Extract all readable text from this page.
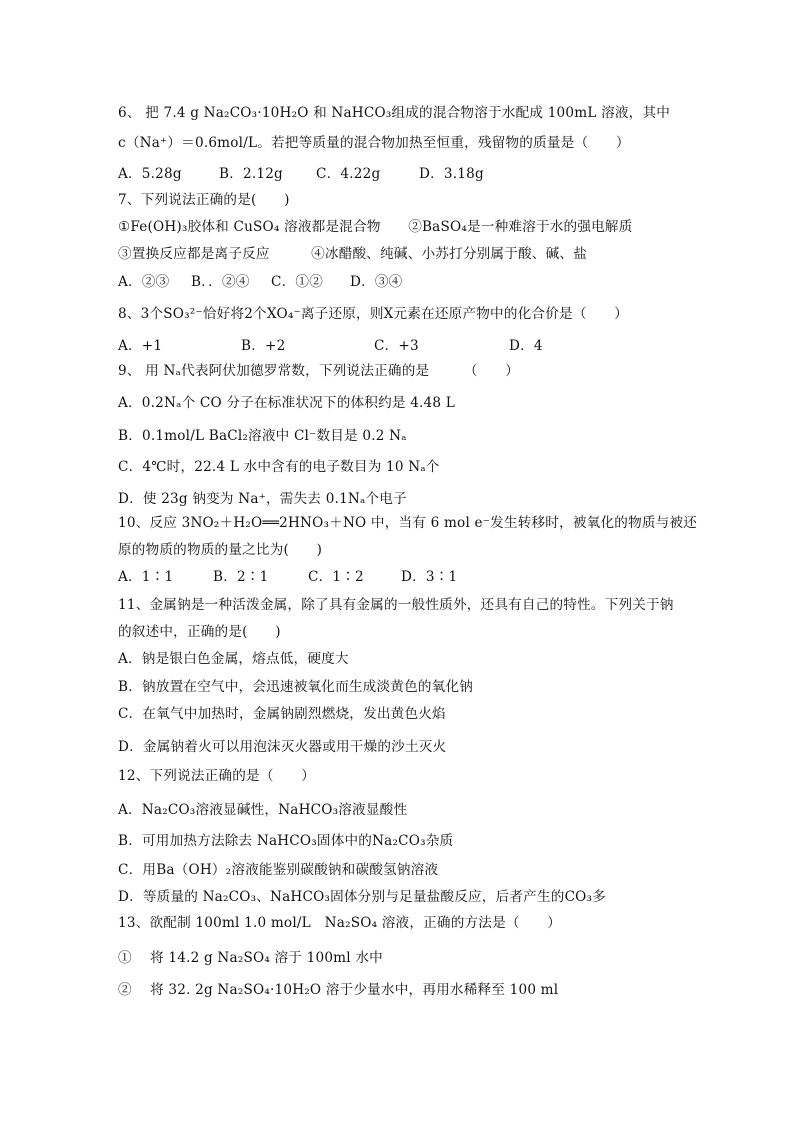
6、 把 7.4 g Na₂CO₃·10H₂O 和 NaHCO₃组成的混合物溶于水配成 100mL 溶液，其中
c（Na⁺）＝0.6mol/L。若把等质量的混合物加热至恒重，残留物的质量是（　　）
A．5.28g	B．2.12g C．4.22g	D．3.18g
7、下列说法正确的是(　　)
①Fe(OH)₃胶体和 CuSO₄ 溶液都是混合物　　②BaSO₄是一种难溶于水的强电解质
③置换反应都是离子反应　　　④冰醋酸、纯碱、小苏打分别属于酸、碱、盐
A．②③ B．．②④ C．①② D．③④
8、3个SO₃²⁻恰好将2个XO₄⁻离子还原，则X元素在还原产物中的化合价是（　　）
A．+1	B．+2	C．+3	D．4
9、 用 Nₐ代表阿伏加德罗常数，下列说法正确的是　　　（　　）
A．0.2Nₐ个 CO 分子在标准状况下的体积约是 4.48 L
B．0.1mol/L BaCl₂溶液中 Cl⁻数目是 0.2 Nₐ
C．4℃时，22.4 L 水中含有的电子数目为 10 Nₐ个
D．使 23g 钠变为 Na⁺，需失去 0.1Nₐ个电子
10、反应 3NO₂＋H₂O══2HNO₃＋NO 中，当有 6 mol e⁻发生转移时，被氧化的物质与被还
原的物质的物质的量之比为(　　)
A．1∶1	B．2∶1	C．1∶2	D．3∶1
11、金属钠是一种活泼金属，除了具有金属的一般性质外，还具有自己的特性。下列关于钠
的叙述中，正确的是(　　)
A．钠是银白色金属，熔点低，硬度大
B．钠放置在空气中，会迅速被氧化而生成淡黄色的氧化钠
C．在氧气中加热时，金属钠剧烈燃烧，发出黄色火焰
D．金属钠着火可以用泡沫灭火器或用干燥的沙土灭火
12、下列说法正确的是（　　）
A．Na₂CO₃溶液显碱性，NaHCO₃溶液显酸性
B．可用加热方法除去 NaHCO₃固体中的Na₂CO₃杂质
C．用Ba（OH）₂溶液能鉴别碳酸钠和碳酸氢钠溶液
D．等质量的 Na₂CO₃、NaHCO₃固体分别与足量盐酸反应，后者产生的CO₃多
13、欲配制 100ml 1.0 mol/L　Na₂SO₄ 溶液，正确的方法是（　　）
①　 将 14.2 g Na₂SO₄ 溶于 100ml 水中
②　 将 32. 2g Na₂SO₄·10H₂O 溶于少量水中，再用水稀释至 100 ml
